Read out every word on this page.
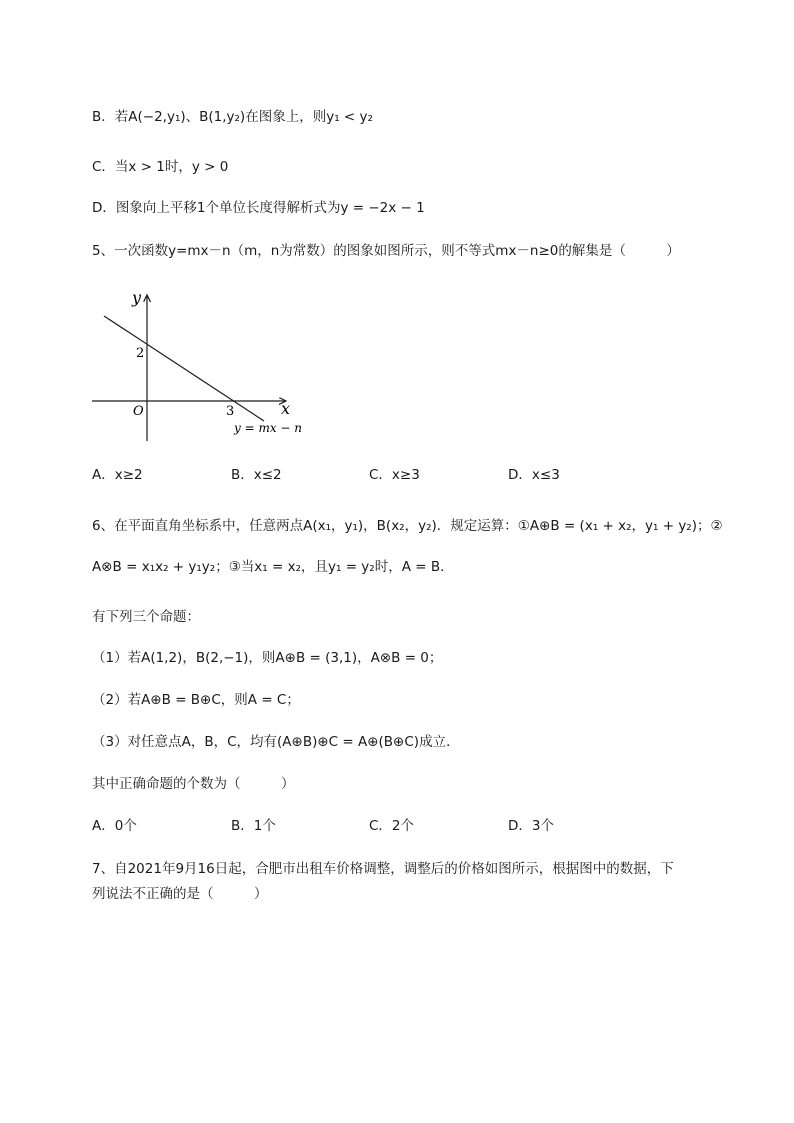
B．若A(−2,y₁)、B(1,y₂)在图象上，则y₁ < y₂
C．当x > 1时，y > 0
D．图象向上平移1个单位长度得解析式为y = −2x − 1
5、一次函数y=mx－n（m，n为常数）的图象如图所示，则不等式mx－n≥0的解集是（　　　）
y
x
O
2
3
y = mx − n
A．x≥2	B．x≤2	C．x≥3	D．x≤3
6、在平面直角坐标系中，任意两点A(x₁，y₁)，B(x₂，y₂)．规定运算：①A⊕B = (x₁ + x₂，y₁ + y₂)；②
A⊗B = x₁x₂ + y₁y₂；③当x₁ = x₂，且y₁ = y₂时，A = B．
有下列三个命题：
（1）若A(1,2)，B(2,−1)，则A⊕B = (3,1)，A⊗B = 0；
（2）若A⊕B = B⊕C，则A = C；
（3）对任意点A，B，C，均有(A⊕B)⊕C = A⊕(B⊕C)成立．
其中正确命题的个数为（　　　）
A．0个	B．1个	C．2个	D．3个
7、自2021年9月16日起，合肥市出租车价格调整，调整后的价格如图所示，根据图中的数据，下
列说法不正确的是（　　　）
